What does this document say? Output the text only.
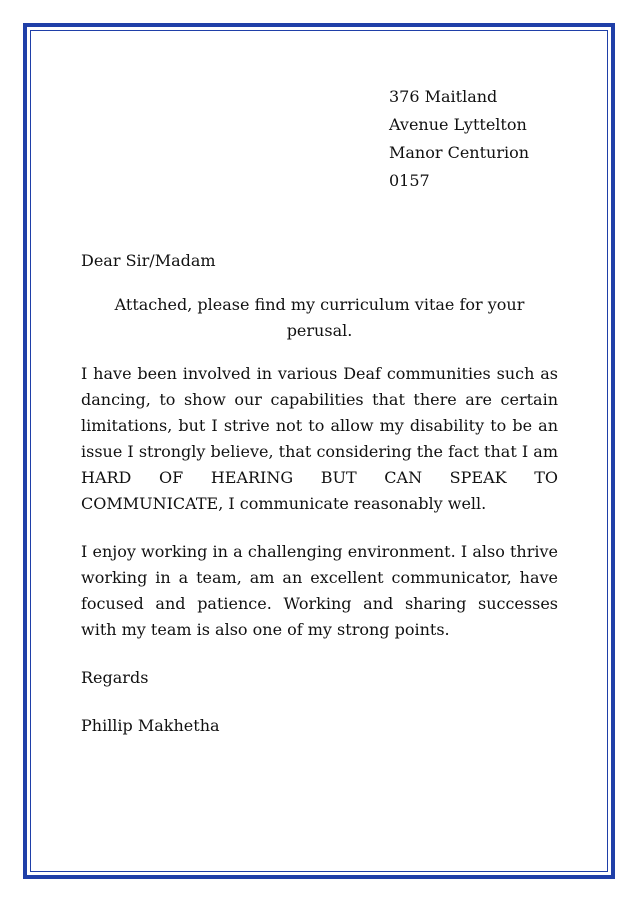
376 Maitland
Avenue Lyttelton
Manor Centurion
0157

Dear Sir/Madam

Attached, please find my curriculum vitae for your perusal.

I have been involved in various Deaf communities such as dancing, to show our capabilities that there are certain limitations, but I strive not to allow my disability to be an issue I strongly believe, that considering the fact that I am HARD OF HEARING BUT CAN SPEAK TO COMMUNICATE, I communicate reasonably well.

I enjoy working in a challenging environment. I also thrive working in a team, am an excellent communicator, have focused and patience. Working and sharing successes with my team is also one of my strong points.

Regards

Phillip Makhetha
